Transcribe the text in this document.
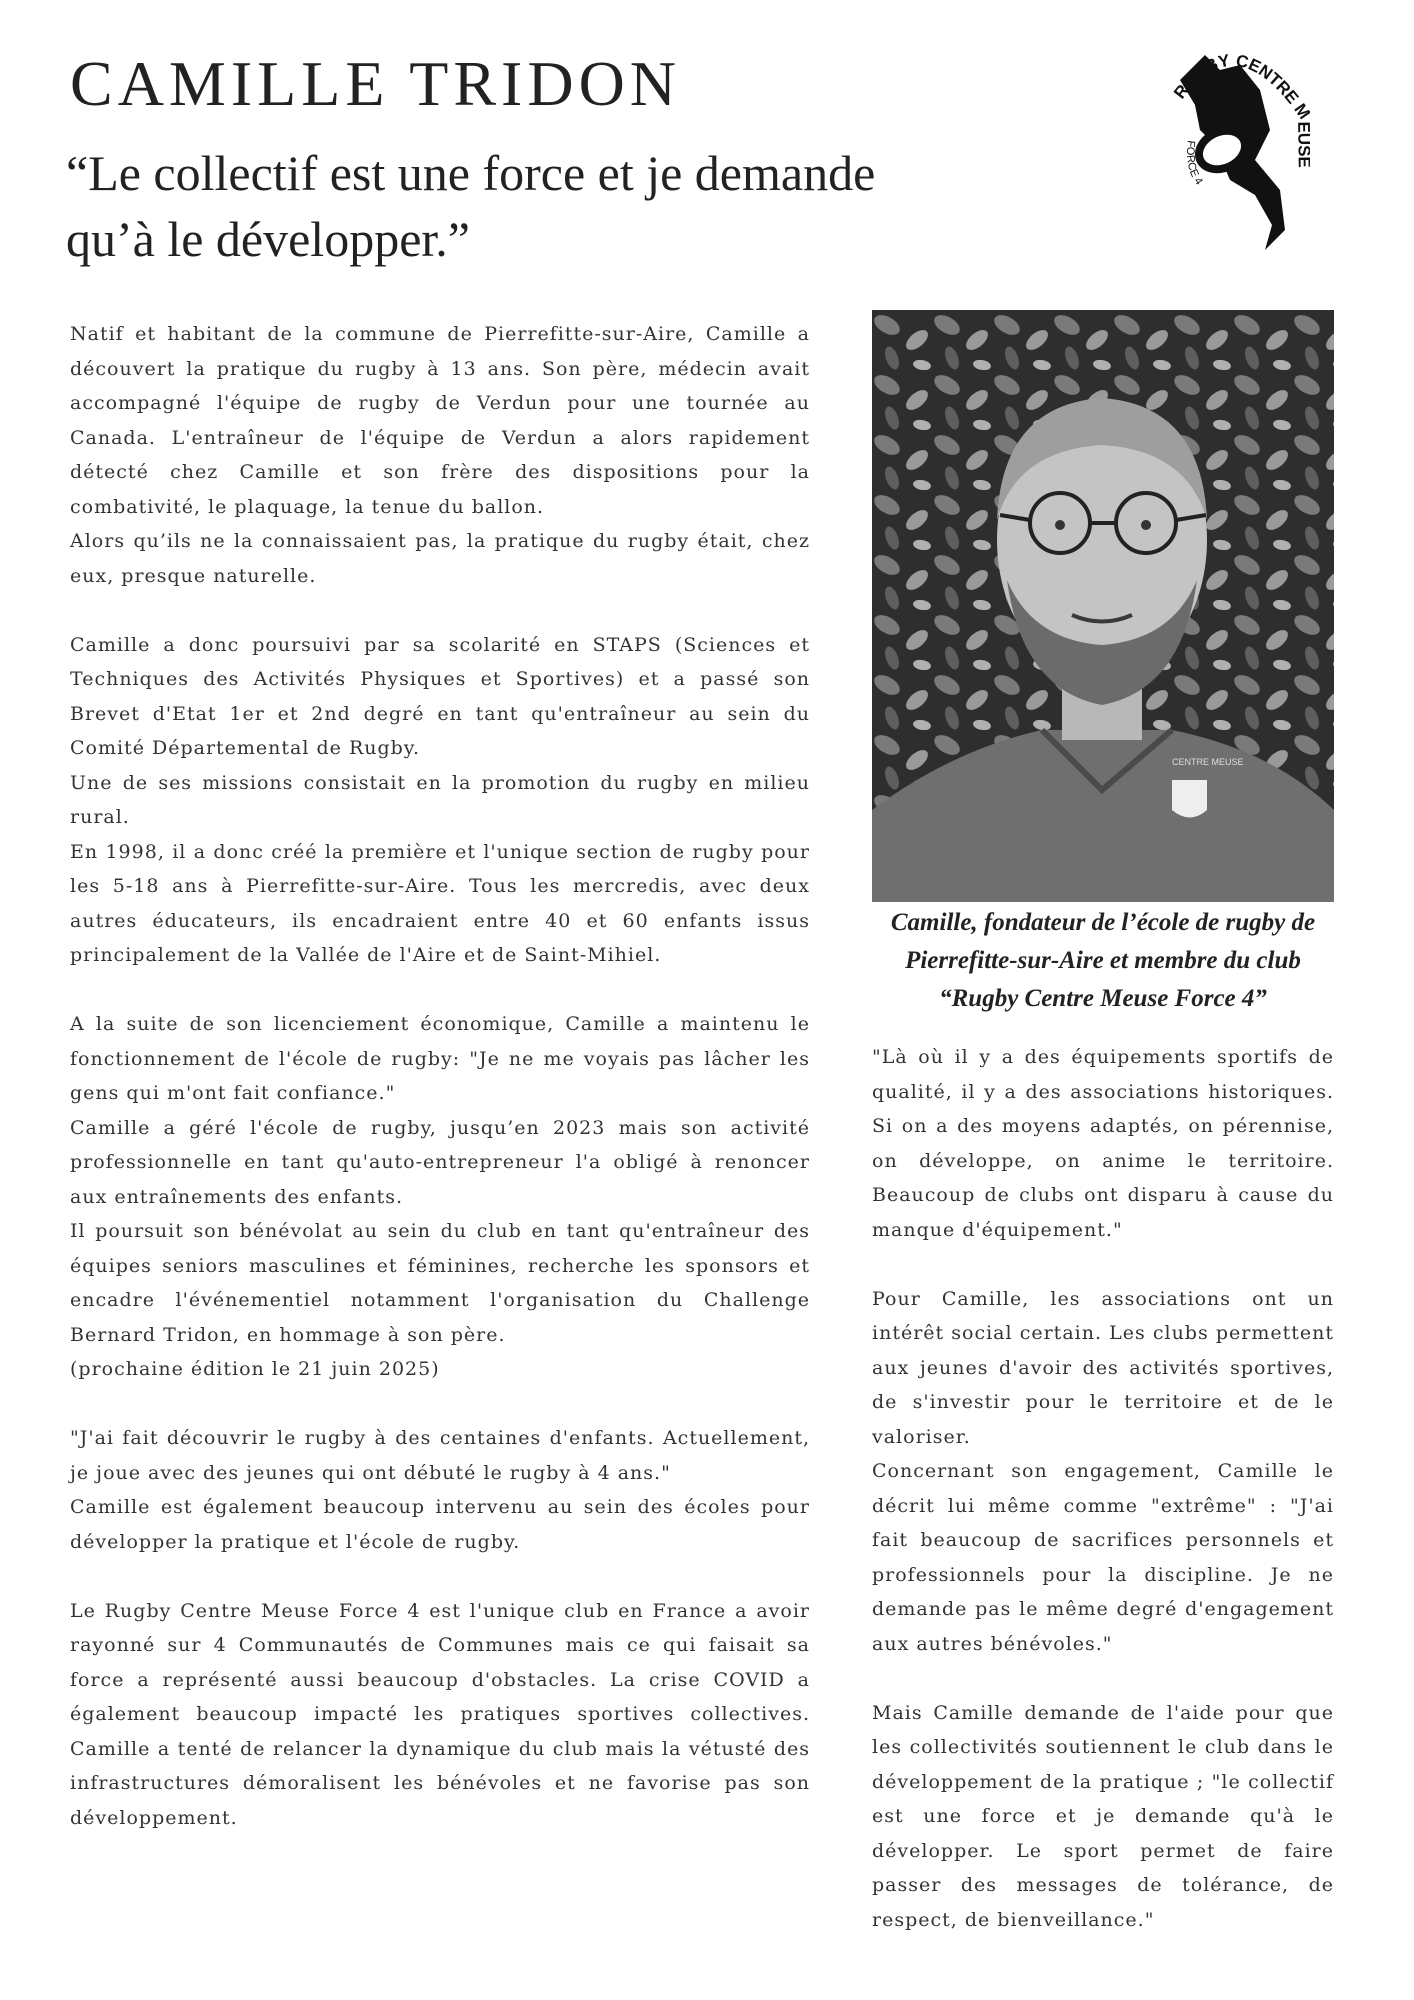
CAMILLE TRIDON
“Le collectif est une force et je demande
qu’à le développer.”
RUGBY CENTRE
FORCE 4
CENTRE MEUSE
Camille, fondateur de l’école de rugby de
Pierrefitte-sur-Aire et membre du club
“Rugby Centre Meuse Force 4”

Natif et habitant de la commune de Pierrefitte-sur-Aire, Camille a découvert la pratique du rugby à 13 ans. Son père, médecin avait accompagné l'équipe de rugby de Verdun pour une tournée au Canada. L'entraîneur de l'équipe de Verdun a alors rapidement détecté chez Camille et son frère des dispositions pour la combativité, le plaquage, la tenue du ballon.

Alors qu’ils ne la connaissaient pas, la pratique du rugby était, chez eux, presque naturelle.

Camille a donc poursuivi par sa scolarité en STAPS (Sciences et Techniques des Activités Physiques et Sportives) et a passé son Brevet d'Etat 1er et 2nd degré en tant qu'entraîneur au sein du Comité Départemental de Rugby.

Une de ses missions consistait en la promotion du rugby en milieu rural.

En 1998, il a donc créé la première et l'unique section de rugby pour les 5-18 ans à Pierrefitte-sur-Aire. Tous les mercredis, avec deux autres éducateurs, ils encadraient entre 40 et 60 enfants issus principalement de la Vallée de l'Aire et de Saint-Mihiel.

A la suite de son licenciement économique, Camille a maintenu le fonctionnement de l'école de rugby: "Je ne me voyais pas lâcher les gens qui m'ont fait confiance."

Camille a géré l'école de rugby, jusqu’en 2023 mais son activité professionnelle en tant qu'auto-entrepreneur l'a obligé à renoncer aux entraînements des enfants.

Il poursuit son bénévolat au sein du club en tant qu'entraîneur des équipes seniors masculines et féminines, recherche les sponsors et encadre l'événementiel notamment l'organisation du Challenge Bernard Tridon, en hommage à son père.

(prochaine édition le 21 juin 2025)

"J'ai fait découvrir le rugby à des centaines d'enfants. Actuellement, je joue avec des jeunes qui ont débuté le rugby à 4 ans."

Camille est également beaucoup intervenu au sein des écoles pour développer la pratique et l'école de rugby.

Le Rugby Centre Meuse Force 4 est l'unique club en France a avoir rayonné sur 4 Communautés de Communes mais ce qui faisait sa force a représenté aussi beaucoup d'obstacles. La crise COVID a également beaucoup impacté les pratiques sportives collectives. Camille a tenté de relancer la dynamique du club mais la vétusté des infrastructures démoralisent les bénévoles et ne favorise pas son développement.

"Là où il y a des équipements sportifs de qualité, il y a des associations historiques. Si on a des moyens adaptés, on pérennise, on développe, on anime le territoire. Beaucoup de clubs ont disparu à cause du manque d'équipement."

Pour Camille, les associations ont un intérêt social certain. Les clubs permettent aux jeunes d'avoir des activités sportives, de s'investir pour le territoire et de le valoriser.

Concernant son engagement, Camille le décrit lui même comme "extrême" : "J'ai fait beaucoup de sacrifices personnels et professionnels pour la discipline. Je ne demande pas le même degré d'engagement aux autres bénévoles."

Mais Camille demande de l'aide pour que les collectivités soutiennent le club dans le développement de la pratique ; "le collectif est une force et je demande qu'à le développer. Le sport permet de faire passer des messages de tolérance, de respect, de bienveillance."
